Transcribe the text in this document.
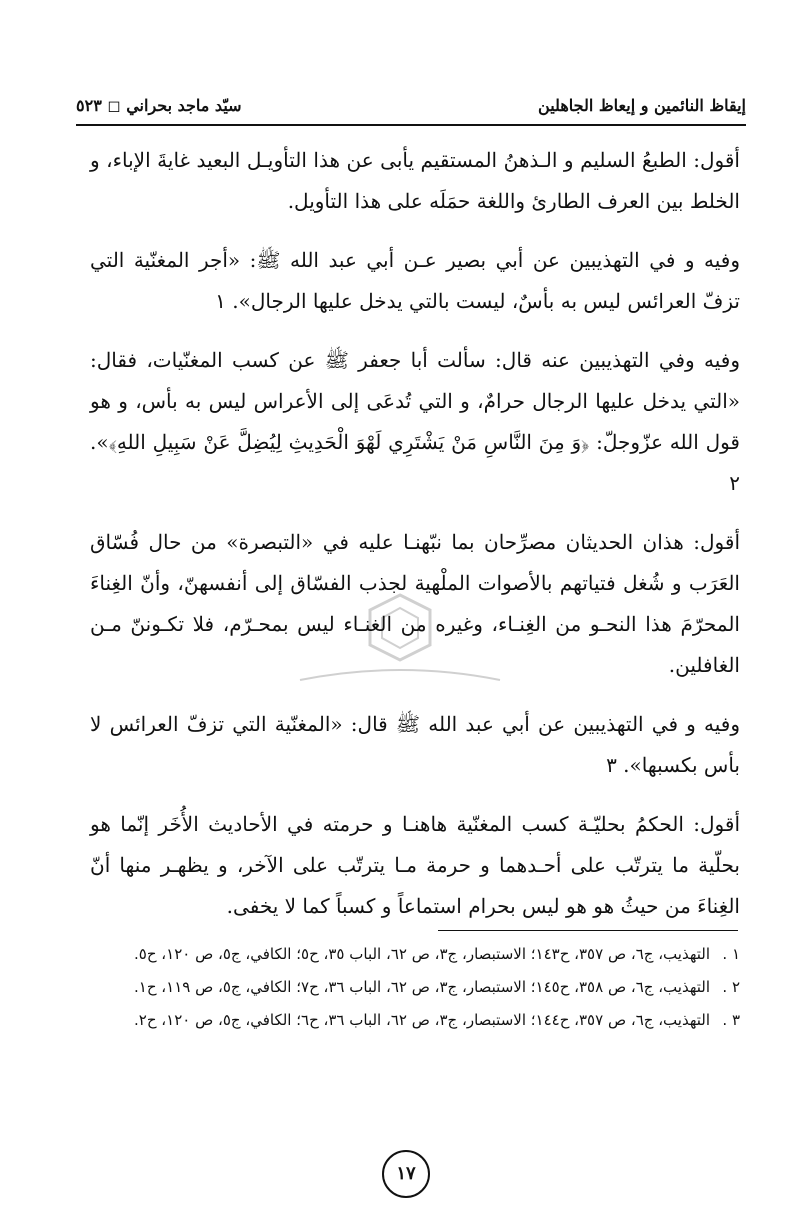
إيقاظ النائمين و إيعاظ الجاهلين
سيّد ماجد بحراني ◻ ٥٢٣

أقول: الطبعُ السليم و الـذهنُ المستقيم يأبى عن هذا التأويـل البعيد غايةَ الإباء، و الخلط بين العرف الطارئ واللغة حمَلَه على هذا التأويل.

وفيه و في التهذيبين عن أبي بصير عـن أبي عبد الله ﷺ: «أجر المغنّية التي تزفّ العرائس ليس به بأسٌ، ليست بالتي يدخل عليها الرجال». ١

وفيه وفي التهذيبين عنه قال: سألت أبا جعفر ﷺ عن كسب المغنّيات، فقال: «التي يدخل عليها الرجال حرامٌ، و التي تُدعَى إلى الأعراس ليس به بأس، و هو قول الله عزّوجلّ: ﴿وَ مِنَ النَّاسِ مَنْ يَشْتَرِي لَهْوَ الْحَدِيثِ لِيُضِلَّ عَنْ سَبِيلِ اللهِ﴾». ٢

أقول: هذان الحديثان مصرِّحان بما نبّهنـا عليه في «التبصرة» من حال فُسّاق العَرَب و شُغل فتياتهم بالأصوات الملْهية لجذب الفسّاق إلى أنفسهنّ، وأنّ الغِناءَ المحرّمَ هذا النحـو من الغِنـاء، وغيره من الغنـاء ليس بمحـرّم، فلا تكـوننّ مـن الغافلين.

وفيه و في التهذيبين عن أبي عبد الله ﷺ قال: «المغنّية التي تزفّ العرائس لا بأس بكسبها». ٣

أقول: الحكمُ بحليّـة كسب المغنّية هاهنـا و حرمته في الأحاديث الأُخَر إنّما هو بحلّية ما يترتّب على أحـدهما و حرمة مـا يترتّب على الآخر، و يظهـر منها أنّ الغِناءَ من حيثُ هو هو ليس بحرام استماعاً و كسباً كما لا يخفى.

١ .
التهذيب، ج٦، ص ٣٥٧، ح١٤٣؛ الاستبصار، ج٣، ص ٦٢، الباب ٣٥، ح٥؛ الكافي، ج٥، ص ١٢٠، ح٥.
٢ .
التهذيب، ج٦، ص ٣٥٨، ح١٤٥؛ الاستبصار، ج٣، ص ٦٢، الباب ٣٦، ح٧؛ الكافي، ج٥، ص ١١٩، ح١.
٣ .
التهذيب، ج٦، ص ٣٥٧، ح١٤٤؛ الاستبصار، ج٣، ص ٦٢، الباب ٣٦، ح٦؛ الكافي، ج٥، ص ١٢٠، ح٢.
١٧
